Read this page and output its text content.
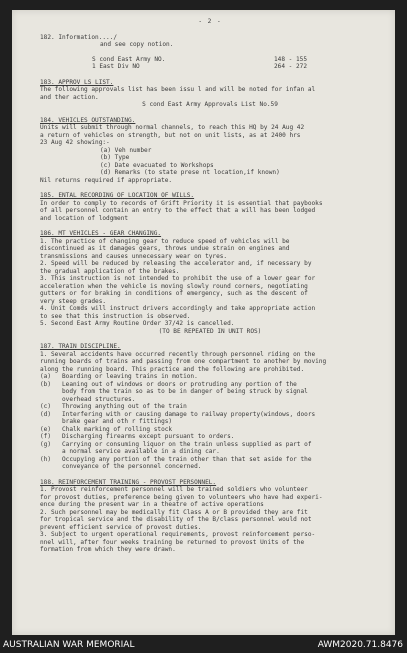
- 2 -
182. Information..../
and see copy notion.
S cond East Army NO.	148 - 155
1 East Div NO	264 - 272
183. APPROV LS LIST.
The following approvals list has been issu l and will be noted for infan al
and ther action.
S cond East Army Approvals List No.59
184. VEHICLES OUTSTANDING.
Units will submit through normal channels, to reach this HQ by 24 Aug 42
a return of vehicles on strength, but not on unit lists, as at 2400 hrs
23 Aug 42 showing:-
(a) Veh number
(b) Type
(c) Date evacuated to Workshops
(d) Remarks (to state prese nt location,if known)
Nil returns required if appropriate.
185. ENTAL RECORDING OF LOCATION OF WILLS.
In order to comply to records of Grift Priority it is essential that paybooks
of all personnel contain an entry to the effect that a will has been lodged
and location of lodgment
186. MT VEHICLES - GEAR CHANGING.
1. The practice of changing gear to reduce speed of vehicles will be
discontinued as it damages gears, throws undue strain on engines and
transmissions and causes unnecessary wear on tyres.
2. Speed will be reduced by releasing the accelerator and, if necessary by
the gradual application of the brakes.
3. This instruction is not intended to prohibit the use of a lower gear for
acceleration when the vehicle is moving slowly round corners, negotiating
gutters or for braking in conditions of emergency, such as the descent of
very steep grades.
4. Unit Comds will instruct drivers accordingly and take appropriate action
to see that this instruction is observed.
5. Second East Army Routine Order 37/42 is cancelled.
(TO BE REPEATED IN UNIT ROS)
187. TRAIN DISCIPLINE.
1. Several accidents have occurred recently through personnel riding on the
running boards of trains and passing from one compartment to another by moving
along the running board. This practice and the following are prohibited.
(a)   Boarding or leaving trains in motion.
(b)   Leaning out of windows or doors or protruding any portion of the
body from the train so as to be in danger of being struck by signal
overhead structures.
(c)   Throwing anything out of the train
(d)   Interfering with or causing damage to railway property(windows, doors
brake gear and oth r fittings)
(e)   Chalk marking of rolling stock
(f)   Discharging firearms except pursuant to orders.
(g)   Carrying or consuming liquor on the train unless supplied as part of
a normal service available in a dining car.
(h)   Occupying any portion of the train other than that set aside for the
conveyance of the personnel concerned.
188. REINFORCEMENT TRAINING - PROVOST PERSONNEL.
1. Provost reinforcement personnel will be trained soldiers who volunteer
for provost duties, preference being given to volunteers who have had experi-
ence during the present war in a theatre of active operations
2. Such personnel may be medically fit Class A or B provided they are fit
for tropical service and the disability of the B/class personnel would not
prevent efficient service of provost duties.
3. Subject to urgent operational requirements, provost reinforcement perso-
nnel will, after four weeks training be returned to provost Units of the
formation from which they were drawn.
AUSTRALIAN WAR MEMORIAL	AWM2020.71.8476
